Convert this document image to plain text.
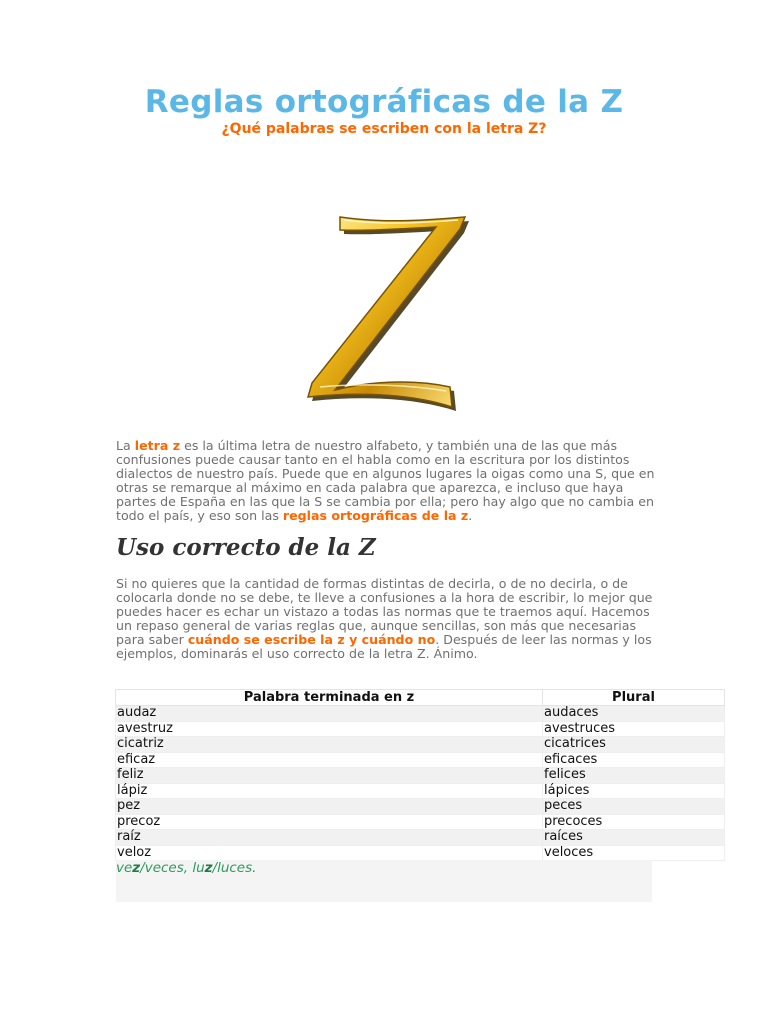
Reglas ortográficas de la Z
¿Qué palabras se escriben con la letra Z?
La letra z es la última letra de nuestro alfabeto, y también una de las que más confusiones puede causar tanto en el habla como en la escritura por los distintos dialectos de nuestro país. Puede que en algunos lugares la oigas como una S, que en otras se remarque al máximo en cada palabra que aparezca, e incluso que haya partes de España en las que la S se cambia por ella; pero hay algo que no cambia en todo el país, y eso son las reglas ortográficas de la z.
Uso correcto de la Z
Si no quieres que la cantidad de formas distintas de decirla, o de no decirla, o de colocarla donde no se debe, te lleve a confusiones a la hora de escribir, lo mejor que puedes hacer es echar un vistazo a todas las normas que te traemos aquí. Hacemos un repaso general de varias reglas que, aunque sencillas, son más que necesarias para saber cuándo se escribe la z y cuándo no. Después de leer las normas y los ejemplos, dominarás el uso correcto de la letra Z. Ánimo.
Palabra terminada en z	Plural
audaz	audaces
avestruz	avestruces
cicatriz	cicatrices
eficaz	eficaces
feliz	felices
lápiz	lápices
pez	peces
precoz	precoces
raíz	raíces
veloz	veloces
vez/veces, luz/luces.
